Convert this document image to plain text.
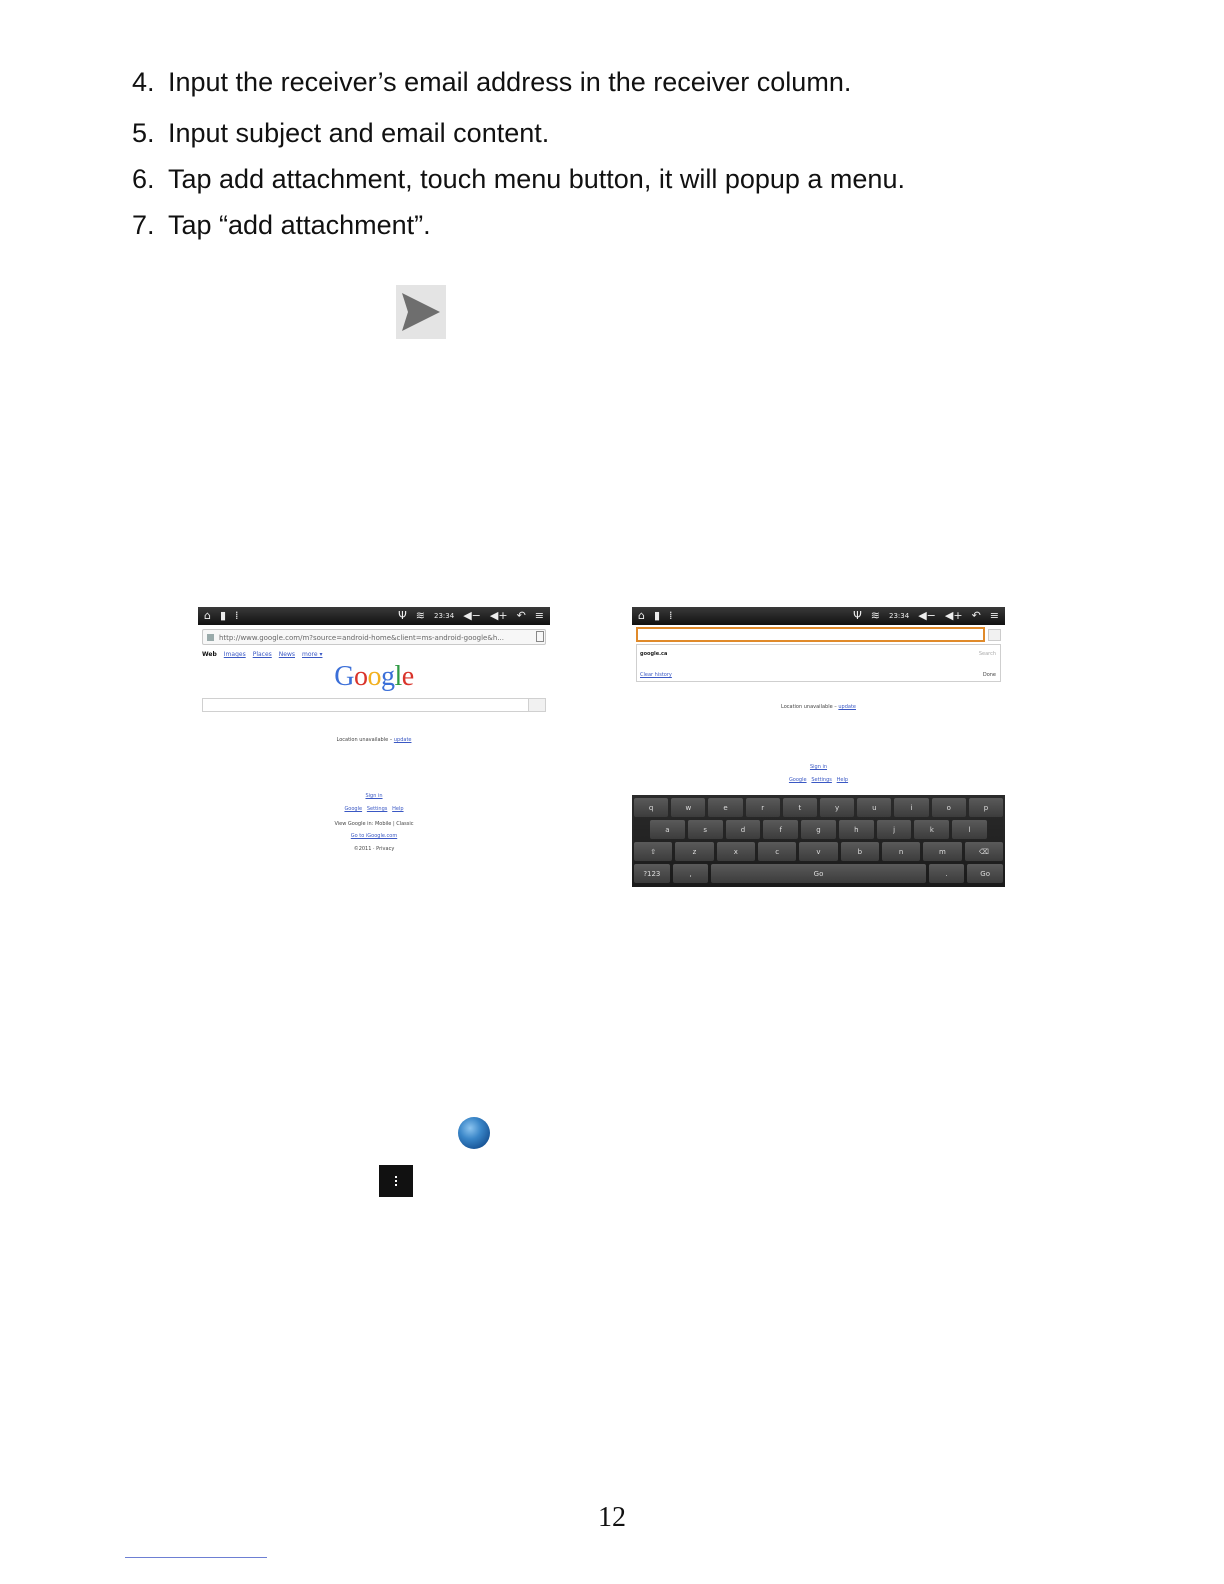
4. Input the receiver’s email address in the receiver column.
5. Input subject and email content.
6. Tap add attachment, touch menu button, it will popup a menu.
7. Tap “add attachment”.
⌂ ▮ ⁞	Ψ ≋ 23:34 ◀− ◀+ ↶ ≡
http://www.google.com/m?source=android-home&client=ms-android-google&h...
Web Images Places News more ▾
Google
Location unavailable – update
Sign in
Google Settings Help
View Google in: Mobile | Classic
Go to iGoogle.com
©2011 · Privacy
⌂ ▮ ⁞	Ψ ≋ 23:34 ◀− ◀+ ↶ ≡
google.ca	Search
Clear history	Done
Location unavailable – update
Sign in
Google Settings Help
q	w	e	r	t	y	u	i	o	p
a	s	d	f	g	h	j	k	l
⇧	z	x	c	v	b	n	m	⌫
?123	,	Go	.	Go
12
